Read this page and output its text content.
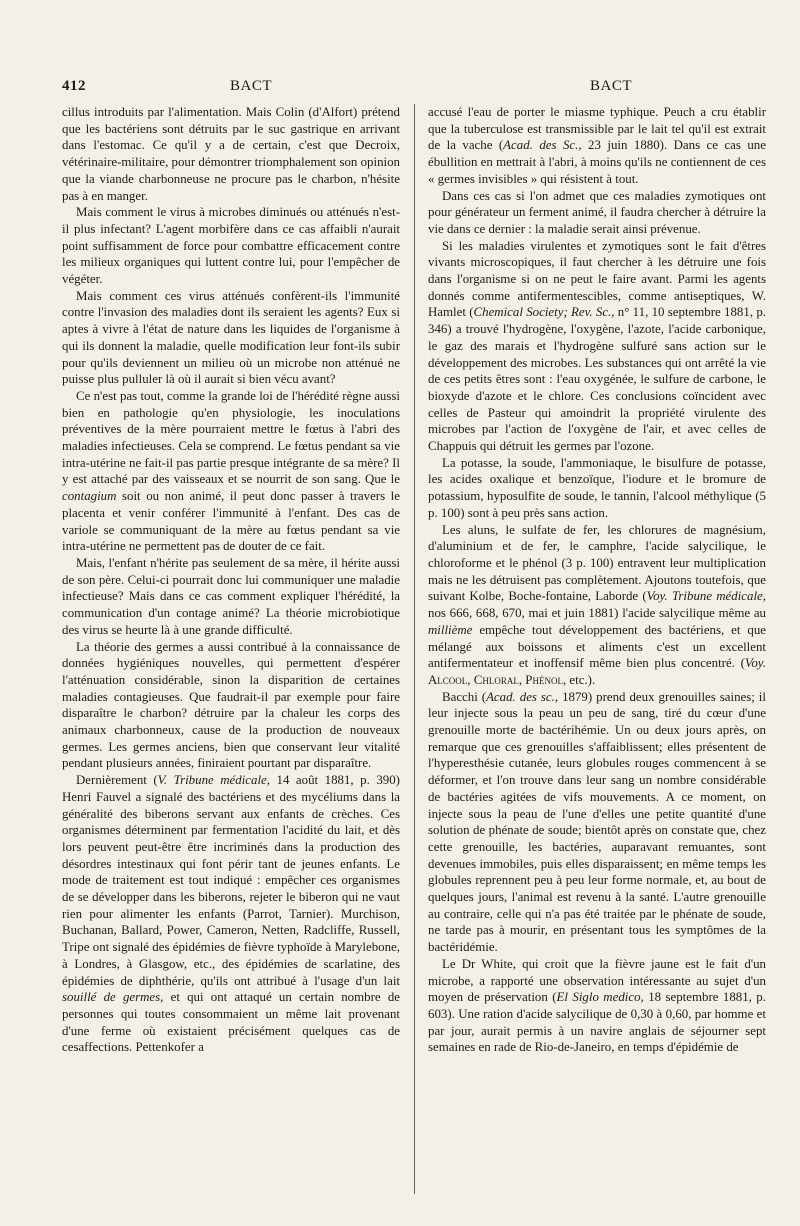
412	BACT	BACT

cillus introduits par l'alimentation. Mais Colin (d'Alfort) prétend que les bactériens sont détruits par le suc gastrique en arrivant dans l'estomac. Ce qu'il y a de certain, c'est que Decroix, vétérinaire-militaire, pour démontrer triomphalement son opinion que la viande charbonneuse ne procure pas le charbon, n'hésite pas à en manger.

Mais comment le virus à microbes diminués ou atténués n'est-il plus infectant? L'agent morbifère dans ce cas affaibli n'aurait point suffisamment de force pour combattre efficacement contre les milieux organiques qui luttent contre lui, pour l'empêcher de végéter.

Mais comment ces virus atténués confèrent-ils l'immunité contre l'invasion des maladies dont ils seraient les agents? Eux si aptes à vivre à l'état de nature dans les liquides de l'organisme à qui ils donnent la maladie, quelle modification leur font-ils subir pour qu'ils deviennent un milieu où un microbe non atténué ne puisse plus pulluler là où il aurait si bien vécu avant?

Ce n'est pas tout, comme la grande loi de l'hérédité règne aussi bien en pathologie qu'en physiologie, les inoculations préventives de la mère pourraient mettre le fœtus à l'abri des maladies infectieuses. Cela se comprend. Le fœtus pendant sa vie intra-utérine ne fait-il pas partie presque intégrante de sa mère? Il y est attaché par des vaisseaux et se nourrit de son sang. Que le contagium soit ou non animé, il peut donc passer à travers le placenta et venir conférer l'immunité à l'enfant. Des cas de variole se communiquant de la mère au fœtus pendant sa vie intra-utérine ne permettent pas de douter de ce fait.

Mais, l'enfant n'hérite pas seulement de sa mère, il hérite aussi de son père. Celui-ci pourrait donc lui communiquer une maladie infectieuse? Mais dans ce cas comment expliquer l'hérédité, la communication d'un contage animé? La théorie microbiotique des virus se heurte là à une grande difficulté.

La théorie des germes a aussi contribué à la connaissance de données hygiéniques nouvelles, qui permettent d'espérer l'atténuation considérable, sinon la disparition de certaines maladies contagieuses. Que faudrait-il par exemple pour faire disparaître le charbon? détruire par la chaleur les corps des animaux charbonneux, cause de la production de nouveaux germes. Les germes anciens, bien que conservant leur vitalité pendant plusieurs années, finiraient pourtant par disparaître.

Dernièrement (V. Tribune médicale, 14 août 1881, p. 390) Henri Fauvel a signalé des bactériens et des mycéliums dans la généralité des biberons servant aux enfants de crèches. Ces organismes déterminent par fermentation l'acidité du lait, et dès lors peuvent peut-être être incriminés dans la production des désordres intestinaux qui font périr tant de jeunes enfants. Le mode de traitement est tout indiqué : empêcher ces organismes de se développer dans les biberons, rejeter le biberon qui ne vaut rien pour alimenter les enfants (Parrot, Tarnier). Murchison, Buchanan, Ballard, Power, Cameron, Netten, Radcliffe, Russell, Tripe ont signalé des épidémies de fièvre typhoïde à Marylebone, à Londres, à Glasgow, etc., des épidémies de scarlatine, des épidémies de diphthérie, qu'ils ont attribué à l'usage d'un lait souillé de germes, et qui ont attaqué un certain nombre de personnes qui toutes consommaient un même lait provenant d'une ferme où existaient précisément quelques cas de cesaffections. Pettenkofer a

accusé l'eau de porter le miasme typhique. Peuch a cru établir que la tuberculose est transmissible par le lait tel qu'il est extrait de la vache (Acad. des Sc., 23 juin 1880). Dans ce cas une ébullition en mettrait à l'abri, à moins qu'ils ne contiennent de ces « germes invisibles » qui résistent à tout.

Dans ces cas si l'on admet que ces maladies zymotiques ont pour générateur un ferment animé, il faudra chercher à détruire la vie dans ce dernier : la maladie serait ainsi prévenue.

Si les maladies virulentes et zymotiques sont le fait d'êtres vivants microscopiques, il faut chercher à les détruire une fois dans l'organisme si on ne peut le faire avant. Parmi les agents donnés comme antifermentescibles, comme antiseptiques, W. Hamlet (Chemical Society; Rev. Sc., n° 11, 10 septembre 1881, p. 346) a trouvé l'hydrogène, l'oxygène, l'azote, l'acide carbonique, le gaz des marais et l'hydrogène sulfuré sans action sur le développement des microbes. Les substances qui ont arrêté la vie de ces petits êtres sont : l'eau oxygénée, le sulfure de carbone, le bioxyde d'azote et le chlore. Ces conclusions coïncident avec celles de Pasteur qui amoindrit la propriété virulente des microbes par l'action de l'oxygène de l'air, et avec celles de Chappuis qui détruit les germes par l'ozone.

La potasse, la soude, l'ammoniaque, le bisulfure de potasse, les acides oxalique et benzoïque, l'iodure et le bromure de potassium, hyposulfite de soude, le tannin, l'alcool méthylique (5 p. 100) sont à peu près sans action.

Les aluns, le sulfate de fer, les chlorures de magnésium, d'aluminium et de fer, le camphre, l'acide salycilique, le chloroforme et le phénol (3 p. 100) entravent leur multiplication mais ne les détruisent pas complètement. Ajoutons toutefois, que suivant Kolbe, Boche-fontaine, Laborde (Voy. Tribune médicale, nos 666, 668, 670, mai et juin 1881) l'acide salycilique même au millième empêche tout développement des bactériens, et que mélangé aux boissons et aliments c'est un excellent antifermentateur et inoffensif même bien plus concentré. (Voy. Alcool, Chloral, Phénol, etc.).

Bacchi (Acad. des sc., 1879) prend deux grenouilles saines; il leur injecte sous la peau un peu de sang, tiré du cœur d'une grenouille morte de bactérihémie. Un ou deux jours après, on remarque que ces grenouilles s'affaiblissent; elles présentent de l'hyperesthésie cutanée, leurs globules rouges commencent à se déformer, et l'on trouve dans leur sang un nombre considérable de bactéries agitées de vifs mouvements. A ce moment, on injecte sous la peau de l'une d'elles une petite quantité d'une solution de phénate de soude; bientôt après on constate que, chez cette grenouille, les bactéries, auparavant remuantes, sont devenues immobiles, puis elles disparaissent; en même temps les globules reprennent peu à peu leur forme normale, et, au bout de quelques jours, l'animal est revenu à la santé. L'autre grenouille au contraire, celle qui n'a pas été traitée par le phénate de soude, ne tarde pas à mourir, en présentant tous les symptômes de la bactéridémie.

Le Dr White, qui croit que la fièvre jaune est le fait d'un microbe, a rapporté une observation intéressante au sujet d'un moyen de préservation (El Siglo medico, 18 septembre 1881, p. 603). Une ration d'acide salycilique de 0,30 à 0,60, par homme et par jour, aurait permis à un navire anglais de séjourner sept semaines en rade de Rio-de-Janeiro, en temps d'épidémie de
